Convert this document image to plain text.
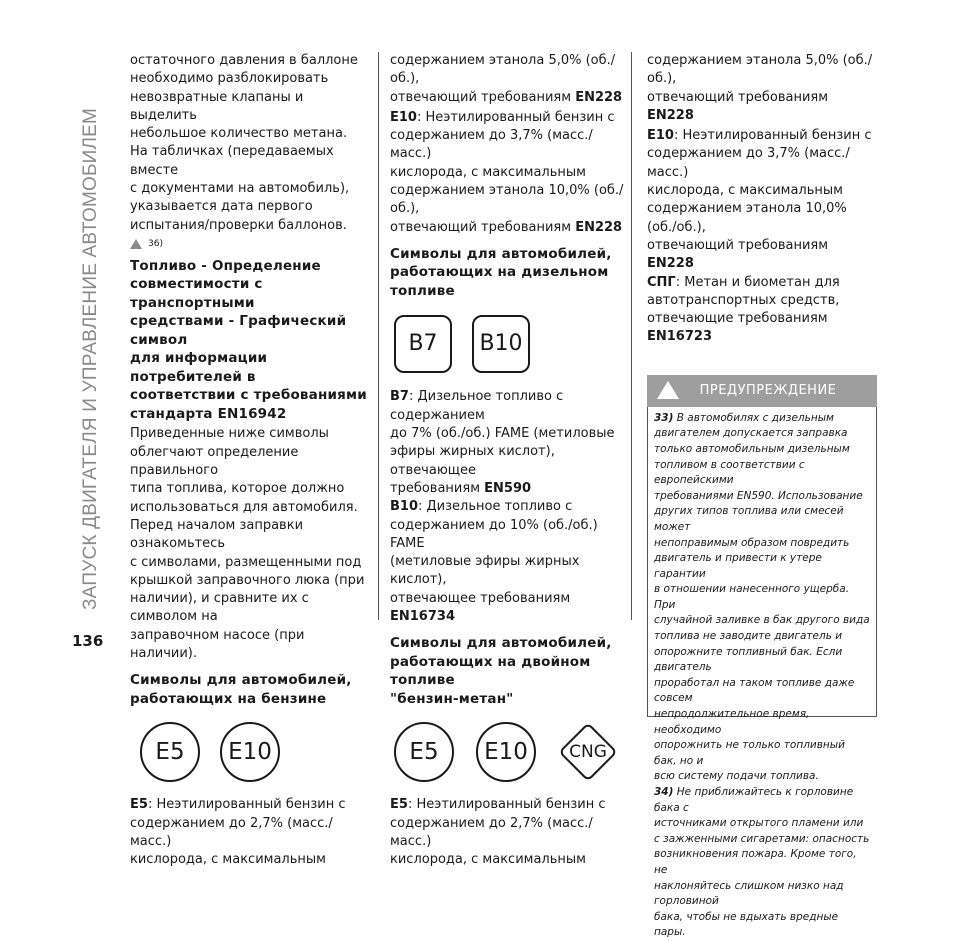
ЗАПУСК ДВИГАТЕЛЯ И УПРАВЛЕНИЕ АВТОМОБИЛЕМ
136

остаточного давления в баллоне

необходимо разблокировать

невозвратные клапаны и выделить

небольшое количество метана.

На табличках (передаваемых вместе

с документами на автомобиль),

указывается дата первого

испытания/проверки баллонов.

36)

Топливо - Определение

совместимости с транспортными

средствами - Графический символ

для информации потребителей в

соответствии с требованиями

стандарта EN16942

Приведенные ниже символы

облегчают определение правильного

типа топлива, которое должно

использоваться для автомобиля.

Перед началом заправки ознакомьтесь

с символами, размещенными под

крышкой заправочного люка (при

наличии), и сравните их с символом на

заправочном насосе (при наличии).

Символы для автомобилей,

работающих на бензине

E5	E10

E5: Неэтилированный бензин с

содержанием до 2,7% (масс./масс.)

кислорода, с максимальным

содержанием этанола 5,0% (об./об.),

отвечающий требованиям EN228

E10: Неэтилированный бензин с

содержанием до 3,7% (масс./масс.)

кислорода, с максимальным

содержанием этанола 10,0% (об./об.),

отвечающий требованиям EN228

Символы для автомобилей,

работающих на дизельном

топливе

B7	B10

B7: Дизельное топливо с содержанием

до 7% (об./об.) FAME (метиловые

эфиры жирных кислот), отвечающее

требованиям EN590

B10: Дизельное топливо с

содержанием до 10% (об./об.) FAME

(метиловые эфиры жирных кислот),

отвечающее требованиям EN16734

Символы для автомобилей,

работающих на двойном топливе

"бензин-метан"

E5	E10	CNG

E5: Неэтилированный бензин с

содержанием до 2,7% (масс./масс.)

кислорода, с максимальным

содержанием этанола 5,0% (об./об.),

отвечающий требованиям EN228

E10: Неэтилированный бензин с

содержанием до 3,7% (масс./масс.)

кислорода, с максимальным

содержанием этанола 10,0% (об./об.),

отвечающий требованиям EN228

СПГ: Метан и биометан для

автотранспортных средств,

отвечающие требованиям EN16723

ПРЕДУПРЕЖДЕНИЕ

33) В автомобилях с дизельным

двигателем допускается заправка

только автомобильным дизельным

топливом в соответствии с европейскими

требованиями EN590. Использование

других типов топлива или смесей может

непоправимым образом повредить

двигатель и привести к утере гарантии

в отношении нанесенного ущерба. При

случайной заливке в бак другого вида

топлива не заводите двигатель и

опорожните топливный бак. Если двигатель

проработал на таком топливе даже совсем

непродолжительное время, необходимо

опорожнить не только топливный бак, но и

всю систему подачи топлива.

34) Не приближайтесь к горловине бака с

источниками открытого пламени или

с зажженными сигаретами: опасность

возникновения пожара. Кроме того, не

наклоняйтесь слишком низко над горловиной

бака, чтобы не вдыхать вредные пары.
